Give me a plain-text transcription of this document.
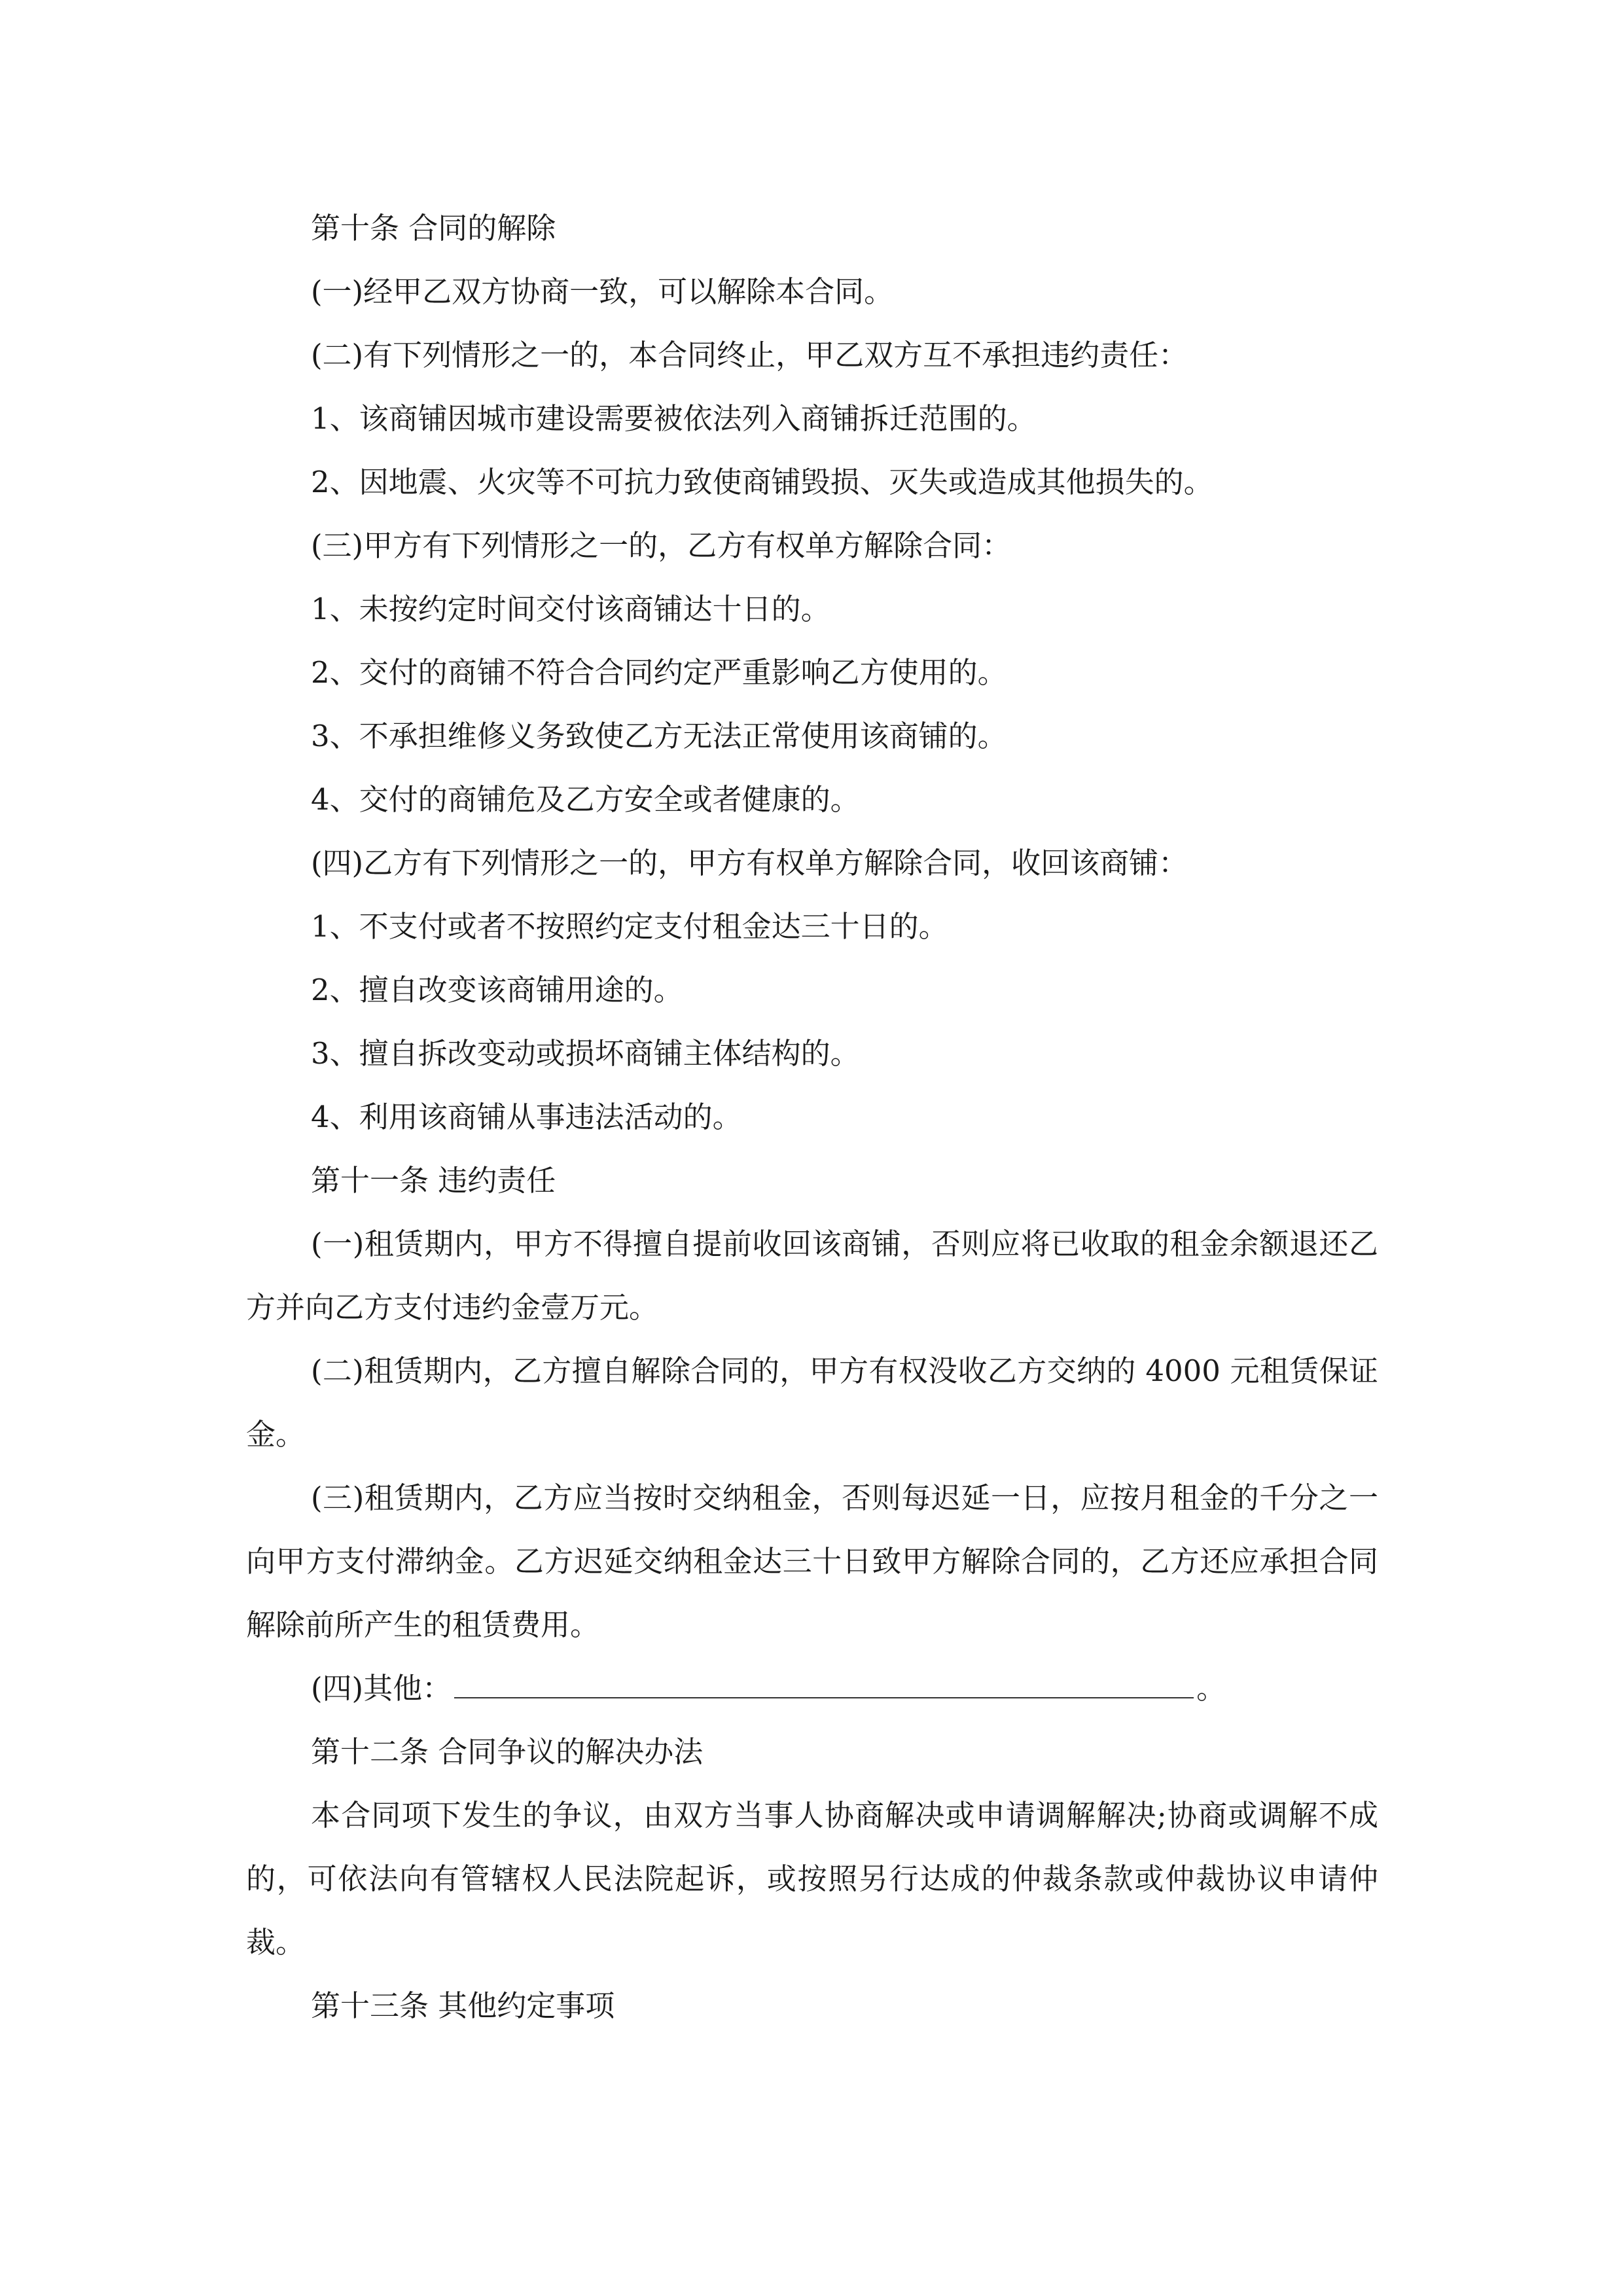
第十条 合同的解除

(一)经甲乙双方协商一致，可以解除本合同。

(二)有下列情形之一的，本合同终止，甲乙双方互不承担违约责任：

1、该商铺因城市建设需要被依法列入商铺拆迁范围的。

2、因地震、火灾等不可抗力致使商铺毁损、灭失或造成其他损失的。

(三)甲方有下列情形之一的，乙方有权单方解除合同：

1、未按约定时间交付该商铺达十日的。

2、交付的商铺不符合合同约定严重影响乙方使用的。

3、不承担维修义务致使乙方无法正常使用该商铺的。

4、交付的商铺危及乙方安全或者健康的。

(四)乙方有下列情形之一的，甲方有权单方解除合同，收回该商铺：

1、不支付或者不按照约定支付租金达三十日的。

2、擅自改变该商铺用途的。

3、擅自拆改变动或损坏商铺主体结构的。

4、利用该商铺从事违法活动的。

第十一条 违约责任

(一)租赁期内，甲方不得擅自提前收回该商铺，否则应将已收取的租金余额退还乙方并向乙方支付违约金壹万元。

(二)租赁期内，乙方擅自解除合同的，甲方有权没收乙方交纳的 4000 元租赁保证金。

(三)租赁期内，乙方应当按时交纳租金，否则每迟延一日，应按月租金的千分之一向甲方支付滞纳金。乙方迟延交纳租金达三十日致甲方解除合同的，乙方还应承担合同解除前所产生的租赁费用。

(四)其他：	。

第十二条 合同争议的解决办法

本合同项下发生的争议，由双方当事人协商解决或申请调解解决;协商或调解不成的，可依法向有管辖权人民法院起诉，或按照另行达成的仲裁条款或仲裁协议申请仲裁。

第十三条 其他约定事项
